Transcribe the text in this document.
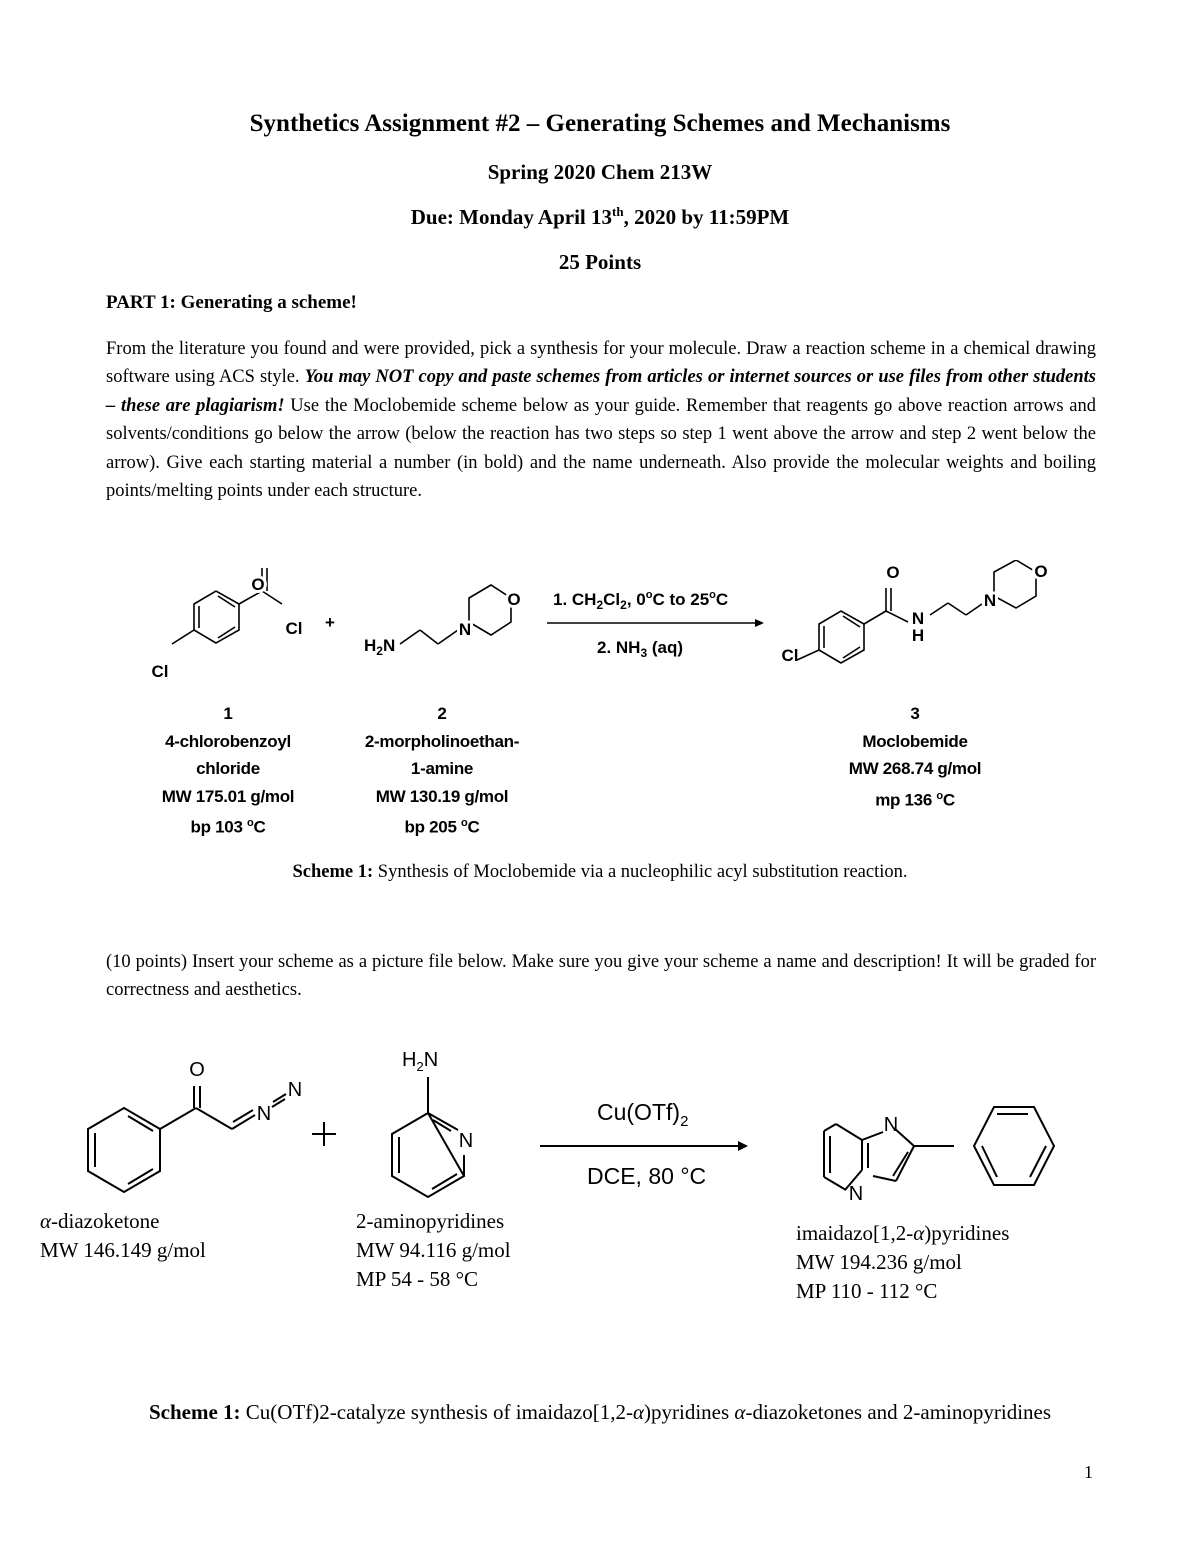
Synthetics Assignment #2 – Generating Schemes and Mechanisms
Spring 2020 Chem 213W
Due: Monday April 13th, 2020 by 11:59PM
25 Points
PART 1: Generating a scheme!
From the literature you found and were provided, pick a synthesis for your molecule. Draw a reaction scheme in a chemical drawing software using ACS style. You may NOT copy and paste schemes from articles or internet sources or use files from other students – these are plagiarism! Use the Moclobemide scheme below as your guide. Remember that reagents go above reaction arrows and solvents/conditions go below the arrow (below the reaction has two steps so step 1 went above the arrow and step 2 went below the arrow). Give each starting material a number (in bold) and the name underneath. Also provide the molecular weights and boiling points/melting points under each structure.
O
Cl
Cl
+
$H_2N$
N
O 1. $CH_2Cl_2$, 0$^o$C to 25$^o$C
2. $NH_3$ (aq)
O
N
H
Cl
N
O
1
4-chlorobenzoyl
chloride
MW 175.01 g/mol
bp 103 $^o$C
2
2-morpholinoethan-
1-amine
MW 130.19 g/mol
bp 205 $^o$C
3
Moclobemide
MW 268.74 g/mol
mp 136 $^o$C
Scheme 1: Synthesis of Moclobemide via a nucleophilic acyl substitution reaction.
(10 points) Insert your scheme as a picture file below. Make sure you give your scheme a name and description! It will be graded for correctness and aesthetics.
O
N
N
$H_2N$
N
$Cu(OTf)_2$
DCE, 80 °C
N
N
α-diazoketone
MW 146.149 g/mol
2-aminopyridines
MW 94.116 g/mol
MP 54 - 58 °C
imaidazo[1,2-α)pyridines
MW 194.236 g/mol
MP 110 - 112 °C
Scheme 1: Cu(OTf)2-catalyze synthesis of imaidazo[1,2-α)pyridines α-diazoketones and 2-aminopyridines
1
